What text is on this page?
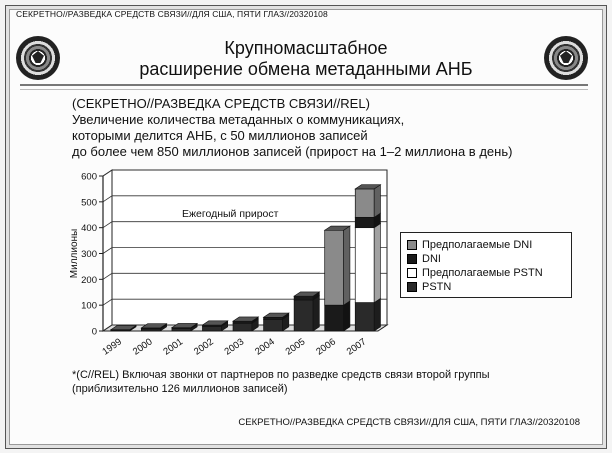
СЕКРЕТНО//РАЗВЕДКА СРЕДСТВ СВЯЗИ//ДЛЯ США, ПЯТИ ГЛАЗ//20320108
Крупномасштабное
расширение обмена метаданными АНБ
(СЕКРЕТНО//РАЗВЕДКА СРЕДСТВ СВЯЗИ//REL)
Увеличение количества метаданных о коммуникациях,
которыми делится АНБ, с 50 миллионов записей
до более чем 850 миллионов записей (прирост на 1–2 миллиона в день)
0
100
200
300
400
500
600
Миллионы
Ежегодный прирост
1999 2000 2001 2002 2003 2004 2005 2006 2007
Предполагаемые DNI
DNI
Предполагаемые PSTN
PSTN
*(С//REL) Включая звонки от партнеров по разведке средств связи второй группы
(приблизительно 126 миллионов записей)
СЕКРЕТНО//РАЗВЕДКА СРЕДСТВ СВЯЗИ//ДЛЯ США, ПЯТИ ГЛАЗ//20320108
